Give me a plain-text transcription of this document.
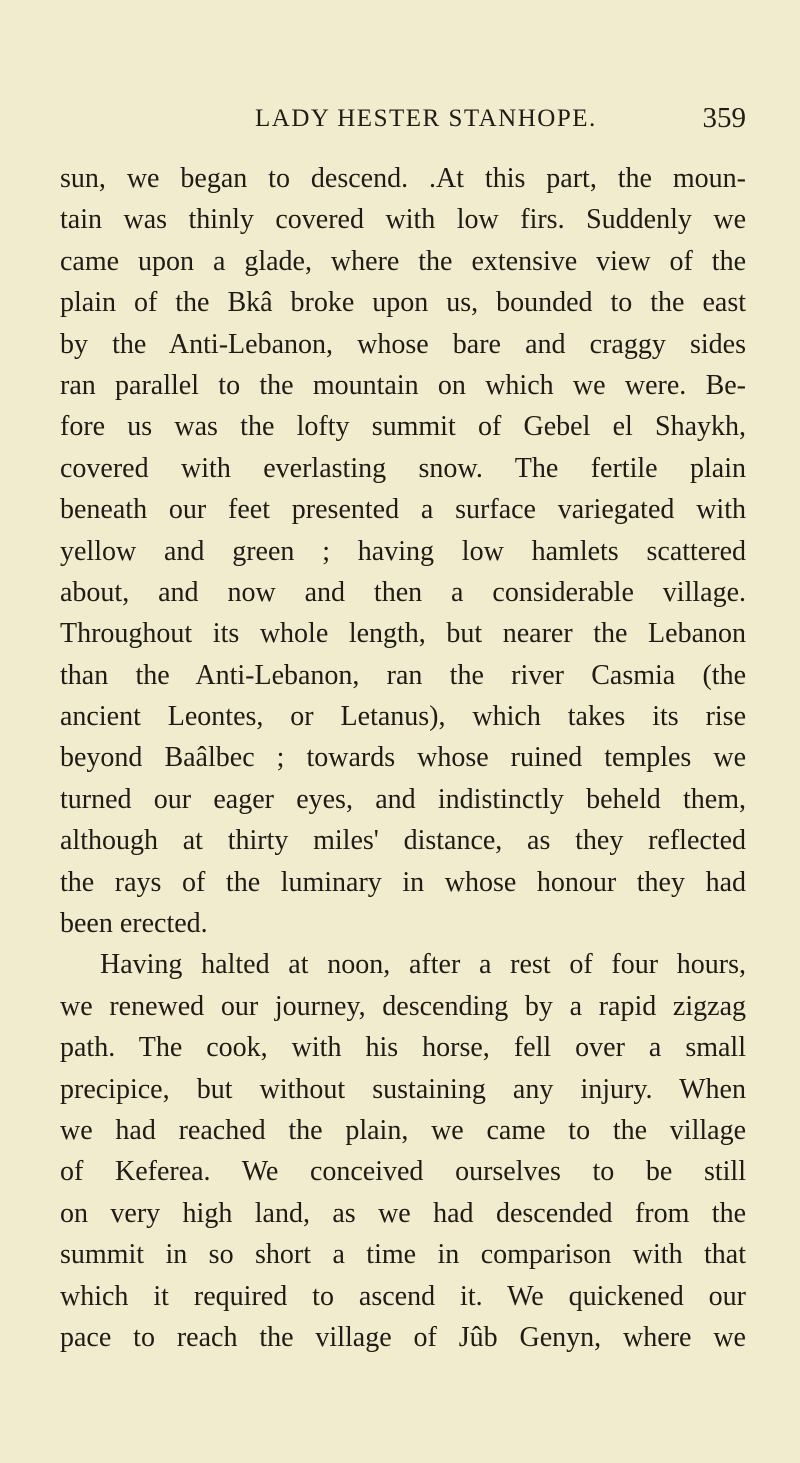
LADY HESTER STANHOPE.	359
sun, we began to descend. .At this part, the moun-
tain was thinly covered with low firs. Suddenly we
came upon a glade, where the extensive view of the
plain of the Bkâ broke upon us, bounded to the east
by the Anti-Lebanon, whose bare and craggy sides
ran parallel to the mountain on which we were. Be-
fore us was the lofty summit of Gebel el Shaykh,
covered with everlasting snow. The fertile plain
beneath our feet presented a surface variegated with
yellow and green ; having low hamlets scattered
about, and now and then a considerable village.
Throughout its whole length, but nearer the Lebanon
than the Anti-Lebanon, ran the river Casmia (the
ancient Leontes, or Letanus), which takes its rise
beyond Baâlbec ; towards whose ruined temples we
turned our eager eyes, and indistinctly beheld them,
although at thirty miles' distance, as they reflected
the rays of the luminary in whose honour they had
been erected.
Having halted at noon, after a rest of four hours,
we renewed our journey, descending by a rapid zigzag
path. The cook, with his horse, fell over a small
precipice, but without sustaining any injury. When
we had reached the plain, we came to the village
of Keferea. We conceived ourselves to be still
on very high land, as we had descended from the
summit in so short a time in comparison with that
which it required to ascend it. We quickened our
pace to reach the village of Jûb Genyn, where we
